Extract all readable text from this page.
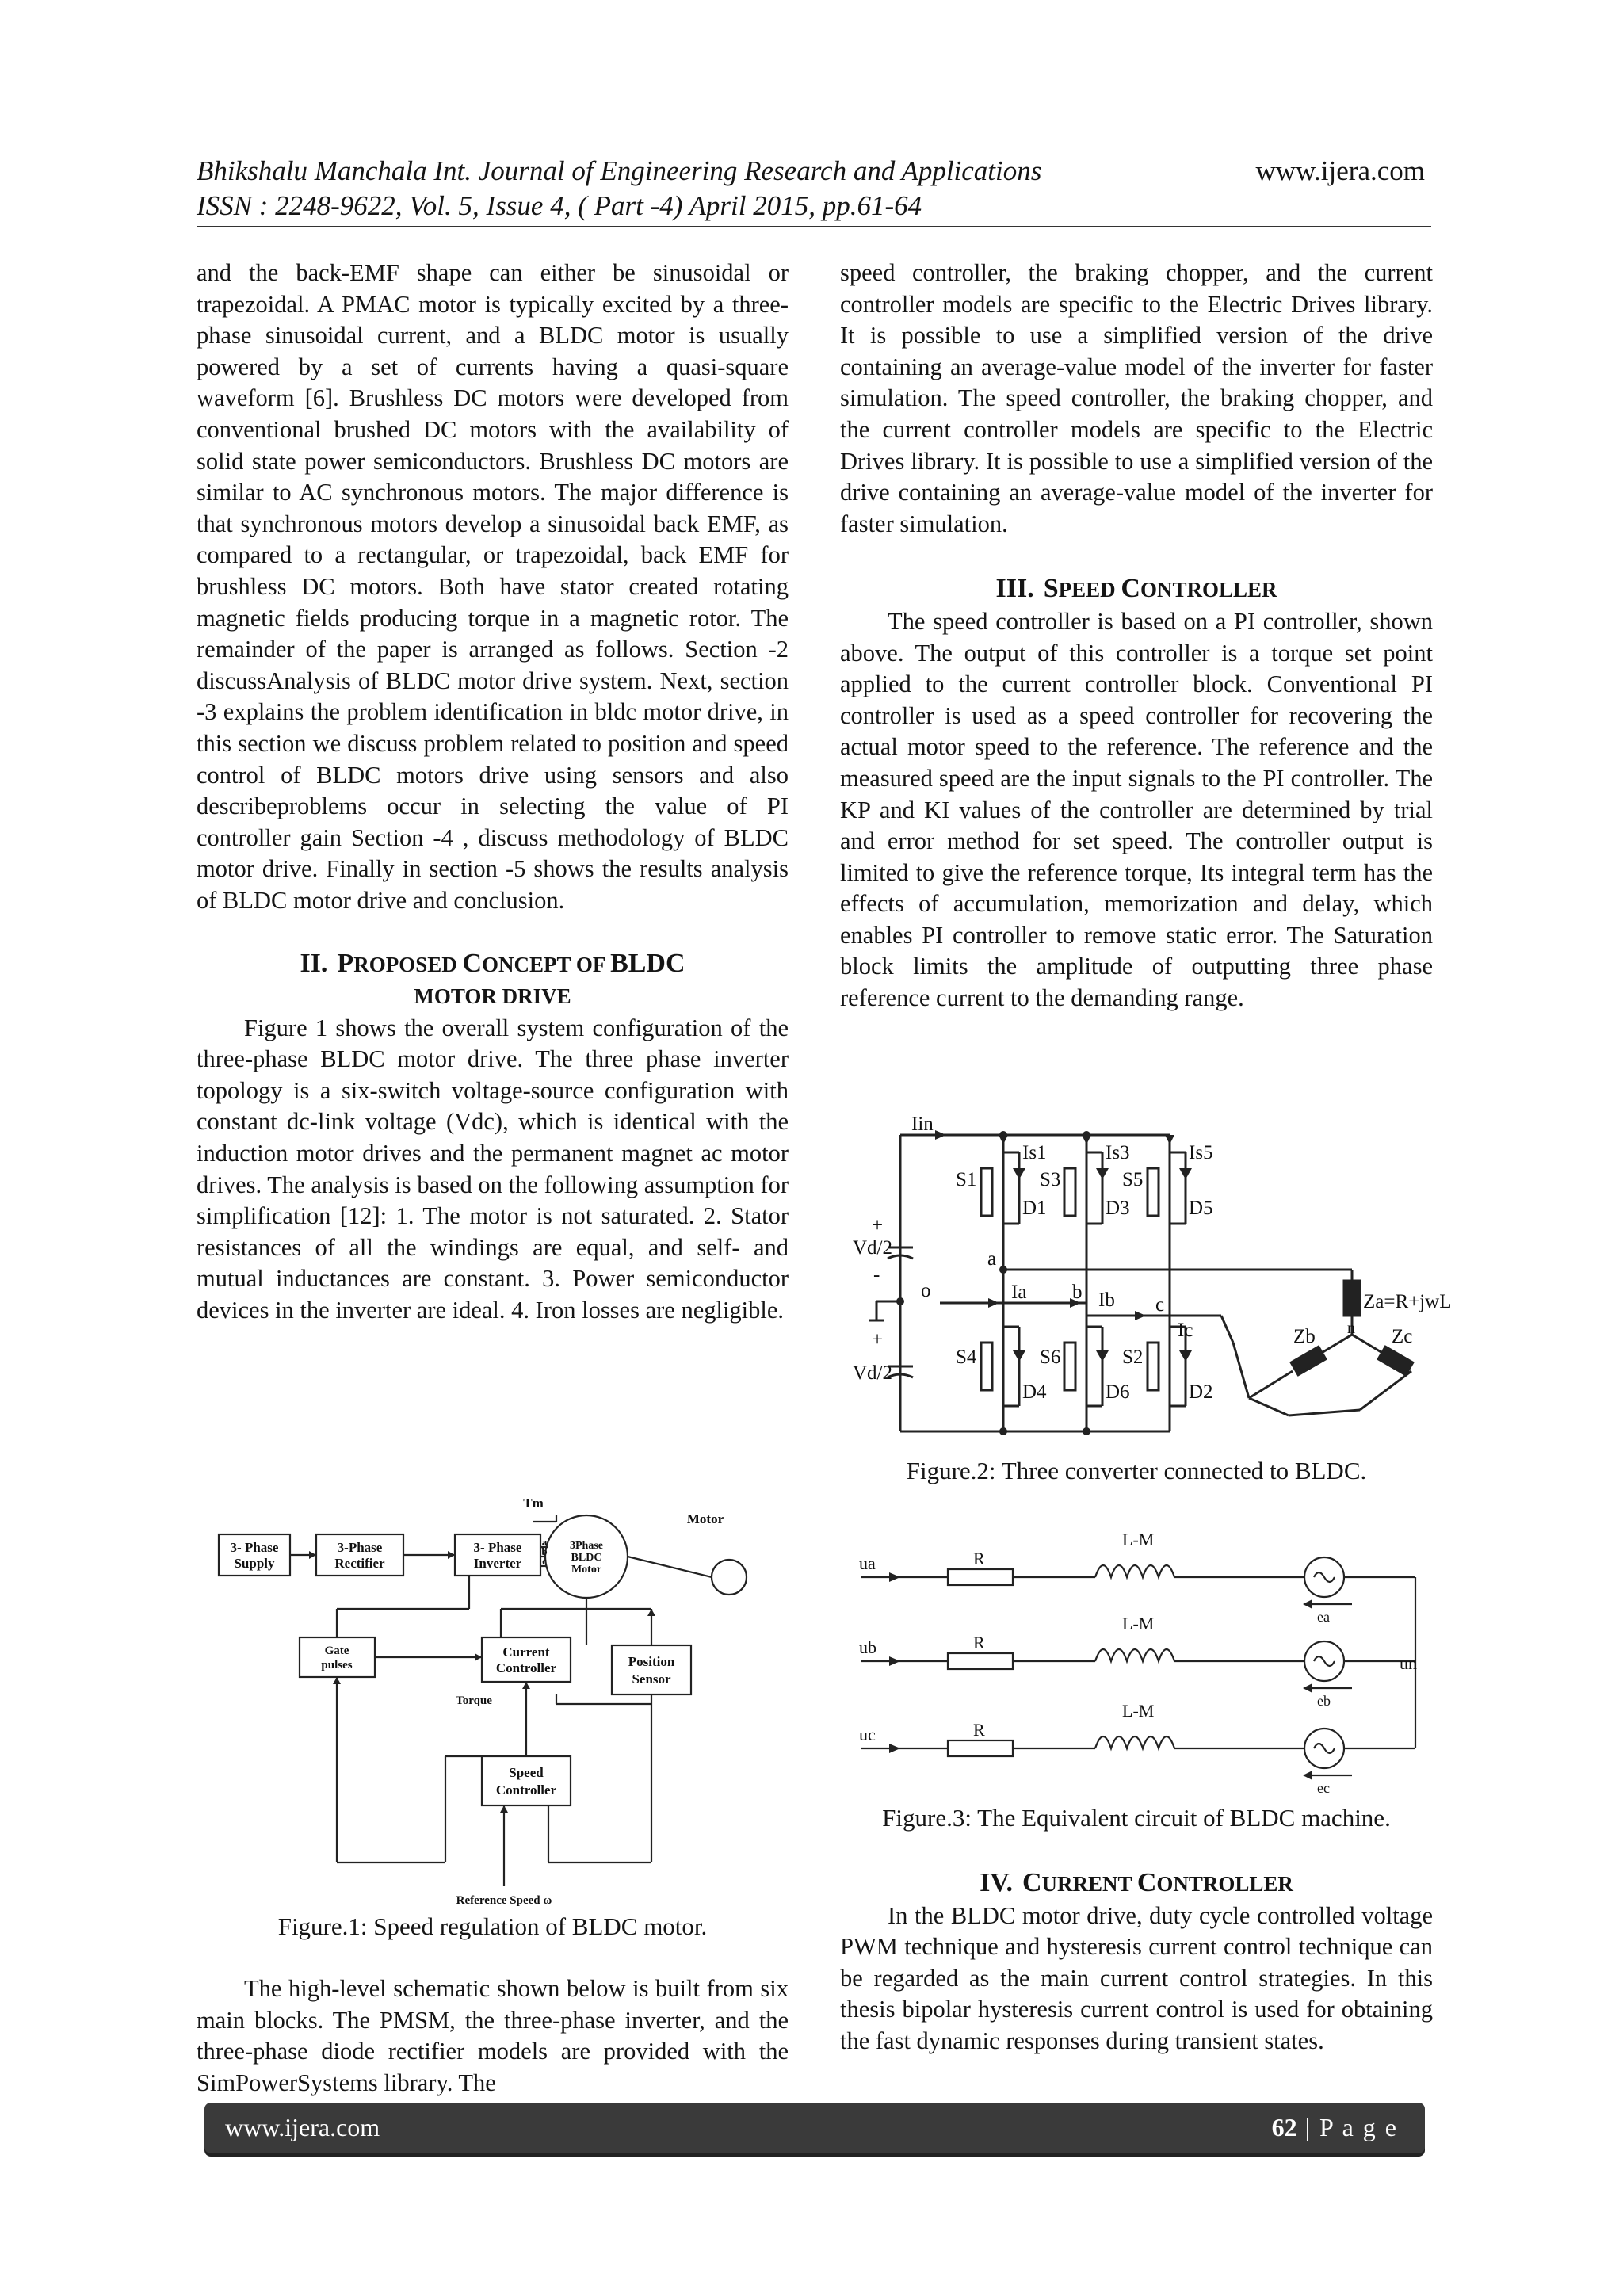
Bhikshalu Manchala Int. Journal of Engineering Research and Applications
ISSN : 2248-9622, Vol. 5, Issue 4, ( Part -4) April 2015, pp.61-64
www.ijera.com

and the back-EMF shape can either be sinusoidal or trapezoidal. A PMAC motor is typically excited by a three-phase sinusoidal current, and a BLDC motor is usually powered by a set of currents having a quasi-square waveform [6]. Brushless DC motors were developed from conventional brushed DC motors with the availability of solid state power semiconductors. Brushless DC motors are similar to AC synchronous motors. The major difference is that synchronous motors develop a sinusoidal back EMF, as compared to a rectangular, or trapezoidal, back EMF for brushless DC motors. Both have stator created rotating magnetic fields producing torque in a magnetic rotor. The remainder of the paper is arranged as follows. Section -2 discussAnalysis of BLDC motor drive system. Next, section -3 explains the problem identification in bldc motor drive, in this section we discuss problem related to position and speed control of BLDC motors drive using sensors and also describeproblems occur in selecting the value of PI controller gain Section -4 , discuss methodology of BLDC motor drive. Finally in section -5 shows the results analysis of BLDC motor drive and conclusion.

II. PROPOSED CONCEPT OF BLDC

MOTOR DRIVE

Figure 1 shows the overall system configuration of the three-phase BLDC motor drive. The three phase inverter topology is a six-switch voltage-source configuration with constant dc-link voltage (Vdc), which is identical with the induction motor drives and the permanent magnet ac motor drives. The analysis is based on the following assumption for simplification [12]: 1. The motor is not saturated. 2. Stator resistances of all the windings are equal, and self- and mutual inductances are constant. 3. Power semiconductor devices in the inverter are ideal. 4. Iron losses are negligible.

Tm
Motor
3- Phase
Supply
3-Phase
Rectifier
3- Phase
Inverter
3Phase
BLDC
Motor
a
b
c
Gate
pulses
Current
Controller	Position
Sensor
Torque
Speed
Controller
Reference Speed ω
Figure.1: Speed regulation of BLDC motor.

The high-level schematic shown below is built from six main blocks. The PMSM, the three-phase inverter, and the three-phase diode rectifier models are provided with the SimPowerSystems library. The

speed controller, the braking chopper, and the current controller models are specific to the Electric Drives library. It is possible to use a simplified version of the drive containing an average-value model of the inverter for faster simulation. The speed controller, the braking chopper, and the current controller models are specific to the Electric Drives library. It is possible to use a simplified version of the drive containing an average-value model of the inverter for faster simulation.

III. SPEED CONTROLLER

The speed controller is based on a PI controller, shown above. The output of this controller is a torque set point applied to the current controller block. Conventional PI controller is used as a speed controller for recovering the actual motor speed to the reference. The reference and the measured speed are the input signals to the PI controller. The KP and KI values of the controller are determined by trial and error method for set speed. The controller output is limited to give the reference torque, Its integral term has the effects of accumulation, memorization and delay, which enables PI controller to remove static error. The Saturation block limits the amplitude of outputting three phase reference current to the demanding range.

Iin
+
-
Vd/2
+
Vd/2
o
S1	S3	S5
S4	S6	S2
D1	D3	D5
D4	D6	D2
Is1	Is3	Is5
a
b
c
Ia	Ib
Ic
Za=R+jwL
Zb	Zc
n
Figure.2: Three converter connected to BLDC.
ua
ub
uc
R
R
R
L-M
L-M
L-M
ea
eb
ec
un
Figure.3: The Equivalent circuit of BLDC machine.

IV. CURRENT CONTROLLER

In the BLDC motor drive, duty cycle controlled voltage PWM technique and hysteresis current control technique can be regarded as the main current control strategies. In this thesis bipolar hysteresis current control is used for obtaining the fast dynamic responses during transient states.

www.ijera.com	62 | P a g e
